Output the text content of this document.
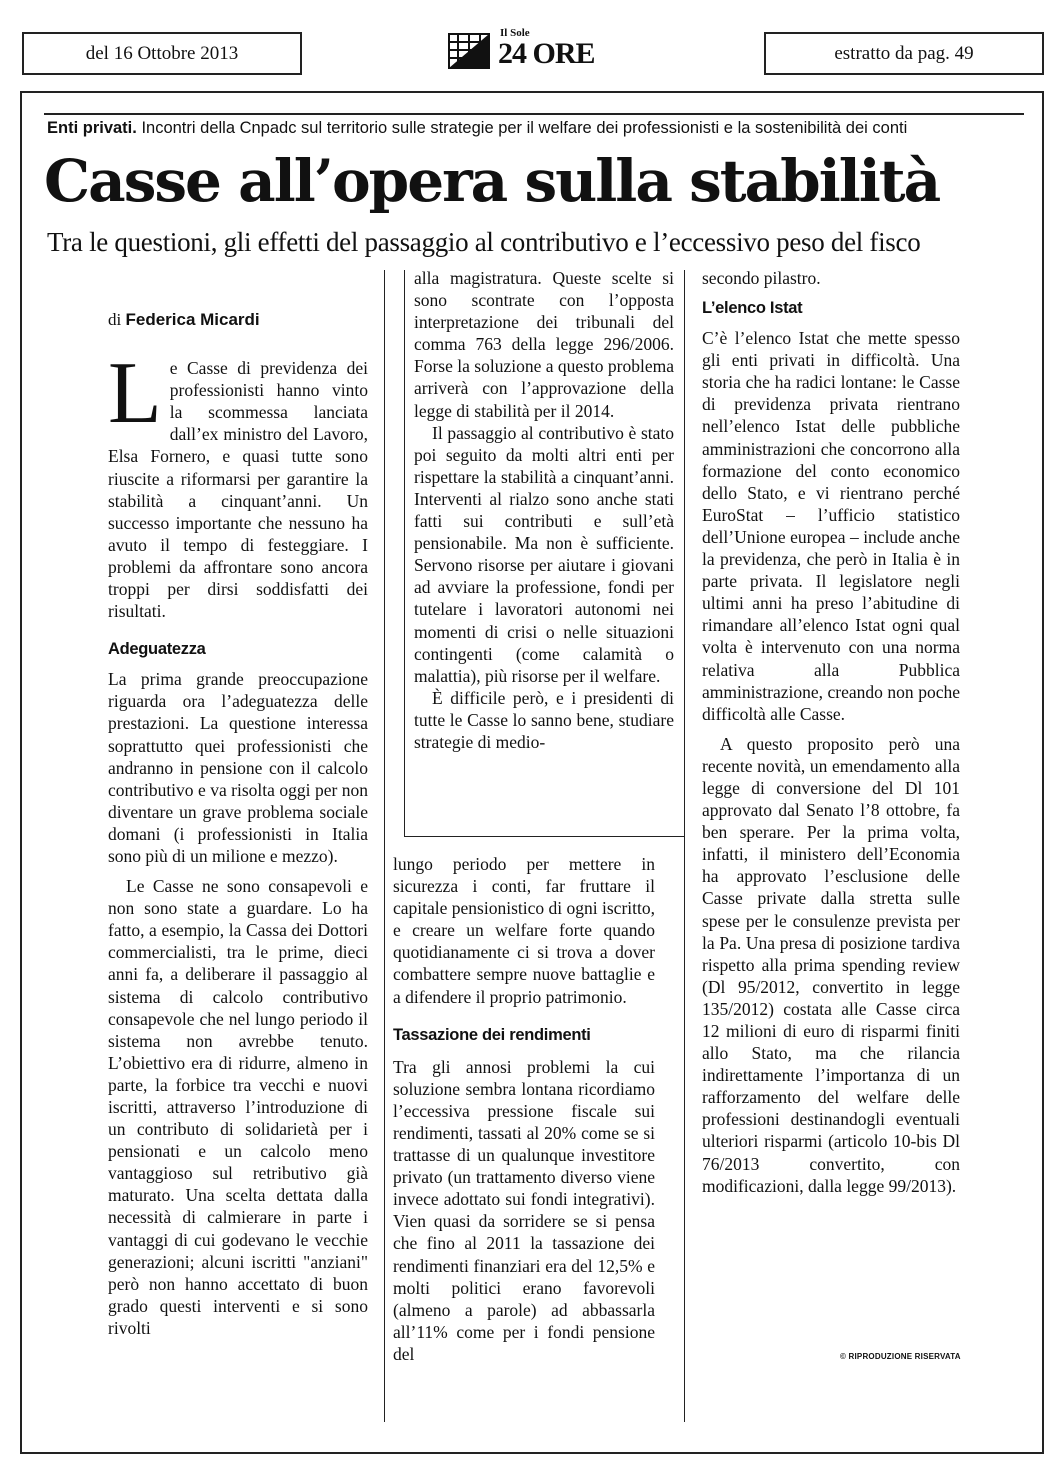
del 16 Ottobre 2013
Il Sole
24 ORE	estratto da pag. 49
Enti privati. Incontri della Cnpadc sul territorio sulle strategie per il welfare dei professionisti e la sostenibilità dei conti
Casse all’opera sulla stabilità
Tra le questioni, gli effetti del passaggio al contributivo e l’eccessivo peso del fisco
di Federica Micardi

Le Casse di previdenza dei professionisti hanno vinto la scommessa lanciata dall’ex ministro del Lavoro, Elsa Fornero, e quasi tutte sono riuscite a riformarsi per garantire la stabilità a cinquant’anni. Un successo importante che nessuno ha avuto il tempo di festeggiare. I problemi da affrontare sono ancora troppi per dirsi soddisfatti dei risultati.

Adeguatezza

La prima grande preoccupazione riguarda ora l’adeguatezza delle prestazioni. La questione interessa soprattutto quei professionisti che andranno in pensione con il calcolo contributivo e va risolta oggi per non diventare un grave problema sociale domani (i professionisti in Italia sono più di un milione e mezzo).

Le Casse ne sono consapevoli e non sono state a guardare. Lo ha fatto, a esempio, la Cassa dei Dottori commercialisti, tra le prime, dieci anni fa, a deliberare il passaggio al sistema di calcolo contributivo consapevole che nel lungo periodo il sistema non avrebbe tenuto. L’obiettivo era di ridurre, almeno in parte, la forbice tra vecchi e nuovi iscritti, attraverso l’introduzione di un contributo di solidarietà per i pensionati e un calcolo meno vantaggioso sul retributivo già maturato. Una scelta dettata dalla necessità di calmierare in parte i vantaggi di cui godevano le vecchie generazioni; alcuni iscritti "anziani" però non hanno accettato di buon grado questi interventi e si sono rivolti

alla magistratura. Queste scelte si sono scontrate con l’opposta interpretazione dei tribunali del comma 763 della legge 296/2006. Forse la soluzione a questo problema arriverà con l’approvazione della legge di stabilità per il 2014.

Il passaggio al contributivo è stato poi seguito da molti altri enti per rispettare la stabilità a cinquant’anni. Interventi al rialzo sono anche stati fatti sui contributi e sull’età pensionabile. Ma non è sufficiente. Servono risorse per aiutare i giovani ad avviare la professione, fondi per tutelare i lavoratori autonomi nei momenti di crisi o nelle situazioni contingenti (come calamità o malattia), più risorse per il welfare.

È difficile però, e i presidenti di tutte le Casse lo sanno bene, studiare strategie di medio-

lungo periodo per mettere in sicurezza i conti, far fruttare il capitale pensionistico di ogni iscritto, e creare un welfare forte quando quotidianamente ci si trova a dover combattere sempre nuove battaglie e a difendere il proprio patrimonio.

Tassazione dei rendimenti

Tra gli annosi problemi la cui soluzione sembra lontana ricordiamo l’eccessiva pressione fiscale sui rendimenti, tassati al 20% come se si trattasse di un qualunque investitore privato (un trattamento diverso viene invece adottato sui fondi integrativi). Vien quasi da sorridere se si pensa che fino al 2011 la tassazione dei rendimenti finanziari era del 12,5% e molti politici erano favorevoli (almeno a parole) ad abbassarla all’11% come per i fondi pensione del

secondo pilastro.

L’elenco Istat

C’è l’elenco Istat che mette spesso gli enti privati in difficoltà. Una storia che ha radici lontane: le Casse di previdenza privata rientrano nell’elenco Istat delle pubbliche amministrazioni che concorrono alla formazione del conto economico dello Stato, e vi rientrano perché EuroStat – l’ufficio statistico dell’Unione europea – include anche la previdenza, che però in Italia è in parte privata. Il legislatore negli ultimi anni ha preso l’abitudine di rimandare all’elenco Istat ogni qual volta è intervenuto con una norma relativa alla Pubblica amministrazione, creando non poche difficoltà alle Casse.

A questo proposito però una recente novità, un emendamento alla legge di conversione del Dl 101 approvato dal Senato l’8 ottobre, fa ben sperare. Per la prima volta, infatti, il ministero dell’Economia ha approvato l’esclusione delle Casse private dalla stretta sulle spese per le consulenze prevista per la Pa. Una presa di posizione tardiva rispetto alla prima spending review (Dl 95/2012, convertito in legge 135/2012) costata alle Casse circa 12 milioni di euro di risparmi finiti allo Stato, ma che rilancia indirettamente l’importanza di un rafforzamento del welfare delle professioni destinandogli eventuali ulteriori risparmi (articolo 10-bis Dl 76/2013 convertito, con modificazioni, dalla legge 99/2013).

© RIPRODUZIONE RISERVATA
